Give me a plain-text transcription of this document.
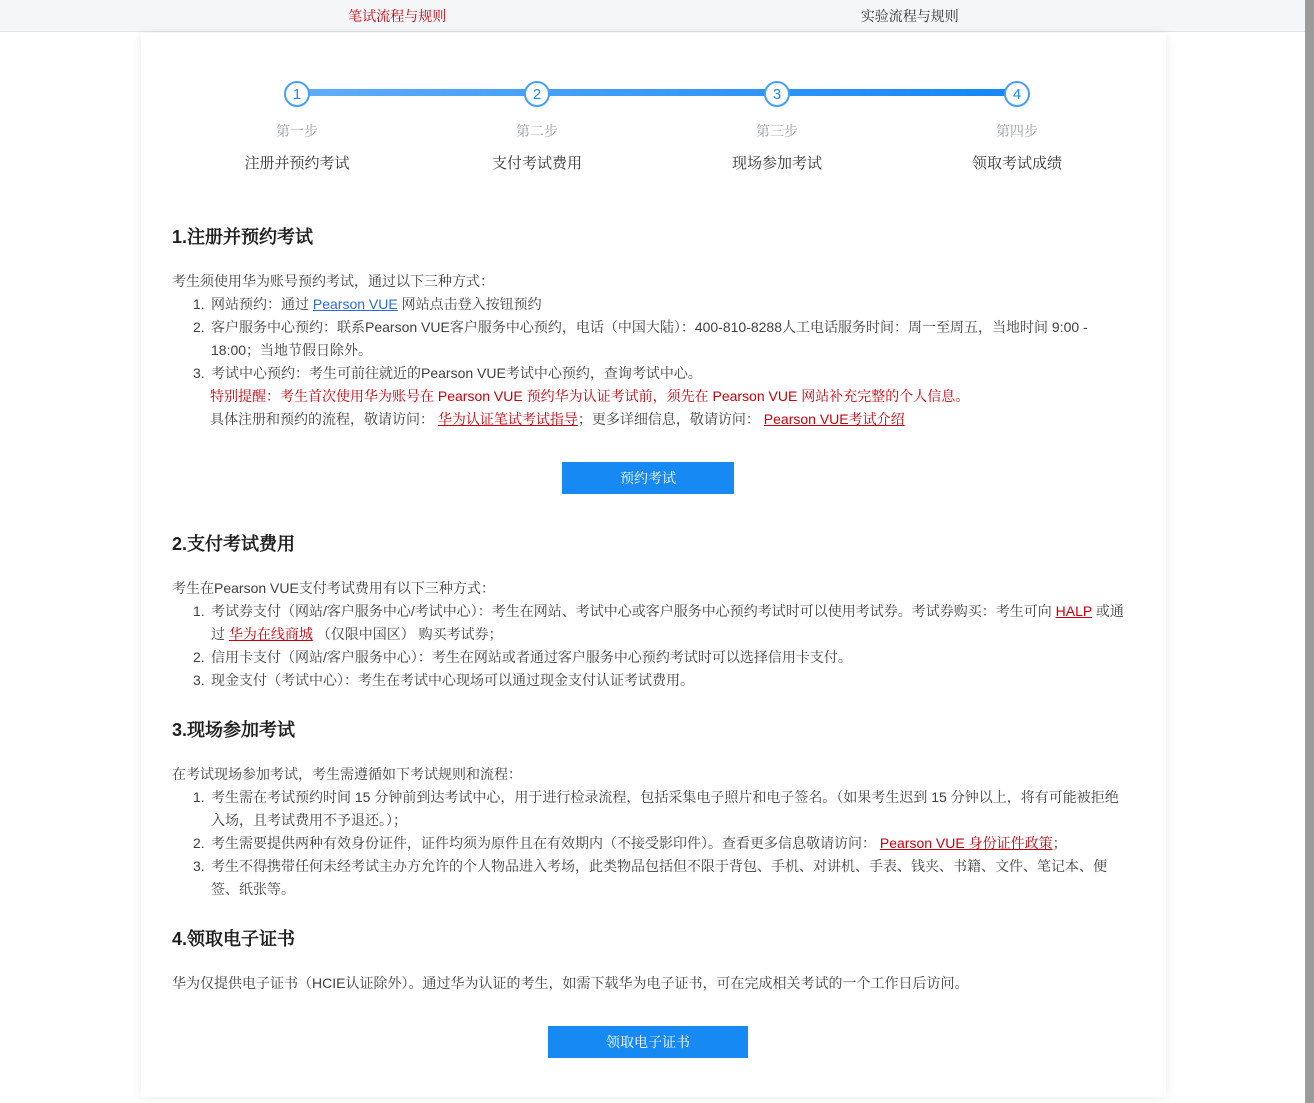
笔试流程与规则	实验流程与规则
1
第一步
注册并预约考试
2
第二步
支付考试费用
3
第三步
现场参加考试
4
第四步
领取考试成绩
1.注册并预约考试
考生须使用华为账号预约考试，通过以下三种方式：
1. 网站预约：通过 Pearson VUE 网站点击登入按钮预约
2. 客户服务中心预约：联系Pearson VUE客户服务中心预约，电话（中国大陆）：400-810-8288人工电话服务时间：周一至周五，当地时间 9:00 - 18:00；当地节假日除外。
3. 考试中心预约：考生可前往就近的Pearson VUE考试中心预约，查询考试中心。
特别提醒：考生首次使用华为账号在 Pearson VUE 预约华为认证考试前，须先在 Pearson VUE 网站补充完整的个人信息。
具体注册和预约的流程，敬请访问： 华为认证笔试考试指导；更多详细信息，敬请访问： Pearson VUE考试介绍
预约考试
2.支付考试费用
考生在Pearson VUE支付考试费用有以下三种方式：
1. 考试券支付（网站/客户服务中心/考试中心）：考生在网站、考试中心或客户服务中心预约考试时可以使用考试券。考试券购买：考生可向 HALP 或通过 华为在线商城 （仅限中国区） 购买考试券；
2. 信用卡支付（网站/客户服务中心）：考生在网站或者通过客户服务中心预约考试时可以选择信用卡支付。
3. 现金支付（考试中心）：考生在考试中心现场可以通过现金支付认证考试费用。
3.现场参加考试
在考试现场参加考试，考生需遵循如下考试规则和流程：
1. 考生需在考试预约时间 15 分钟前到达考试中心，用于进行检录流程，包括采集电子照片和电子签名。（如果考生迟到 15 分钟以上，将有可能被拒绝入场，且考试费用不予退还。）；
2. 考生需要提供两种有效身份证件，证件均须为原件且在有效期内（不接受影印件）。查看更多信息敬请访问： Pearson VUE 身份证件政策；
3. 考生不得携带任何未经考试主办方允许的个人物品进入考场，此类物品包括但不限于背包、手机、对讲机、手表、钱夹、书籍、文件、笔记本、便签、纸张等。
4.领取电子证书
华为仅提供电子证书（HCIE认证除外）。通过华为认证的考生，如需下载华为电子证书，可在完成相关考试的一个工作日后访问。
领取电子证书
